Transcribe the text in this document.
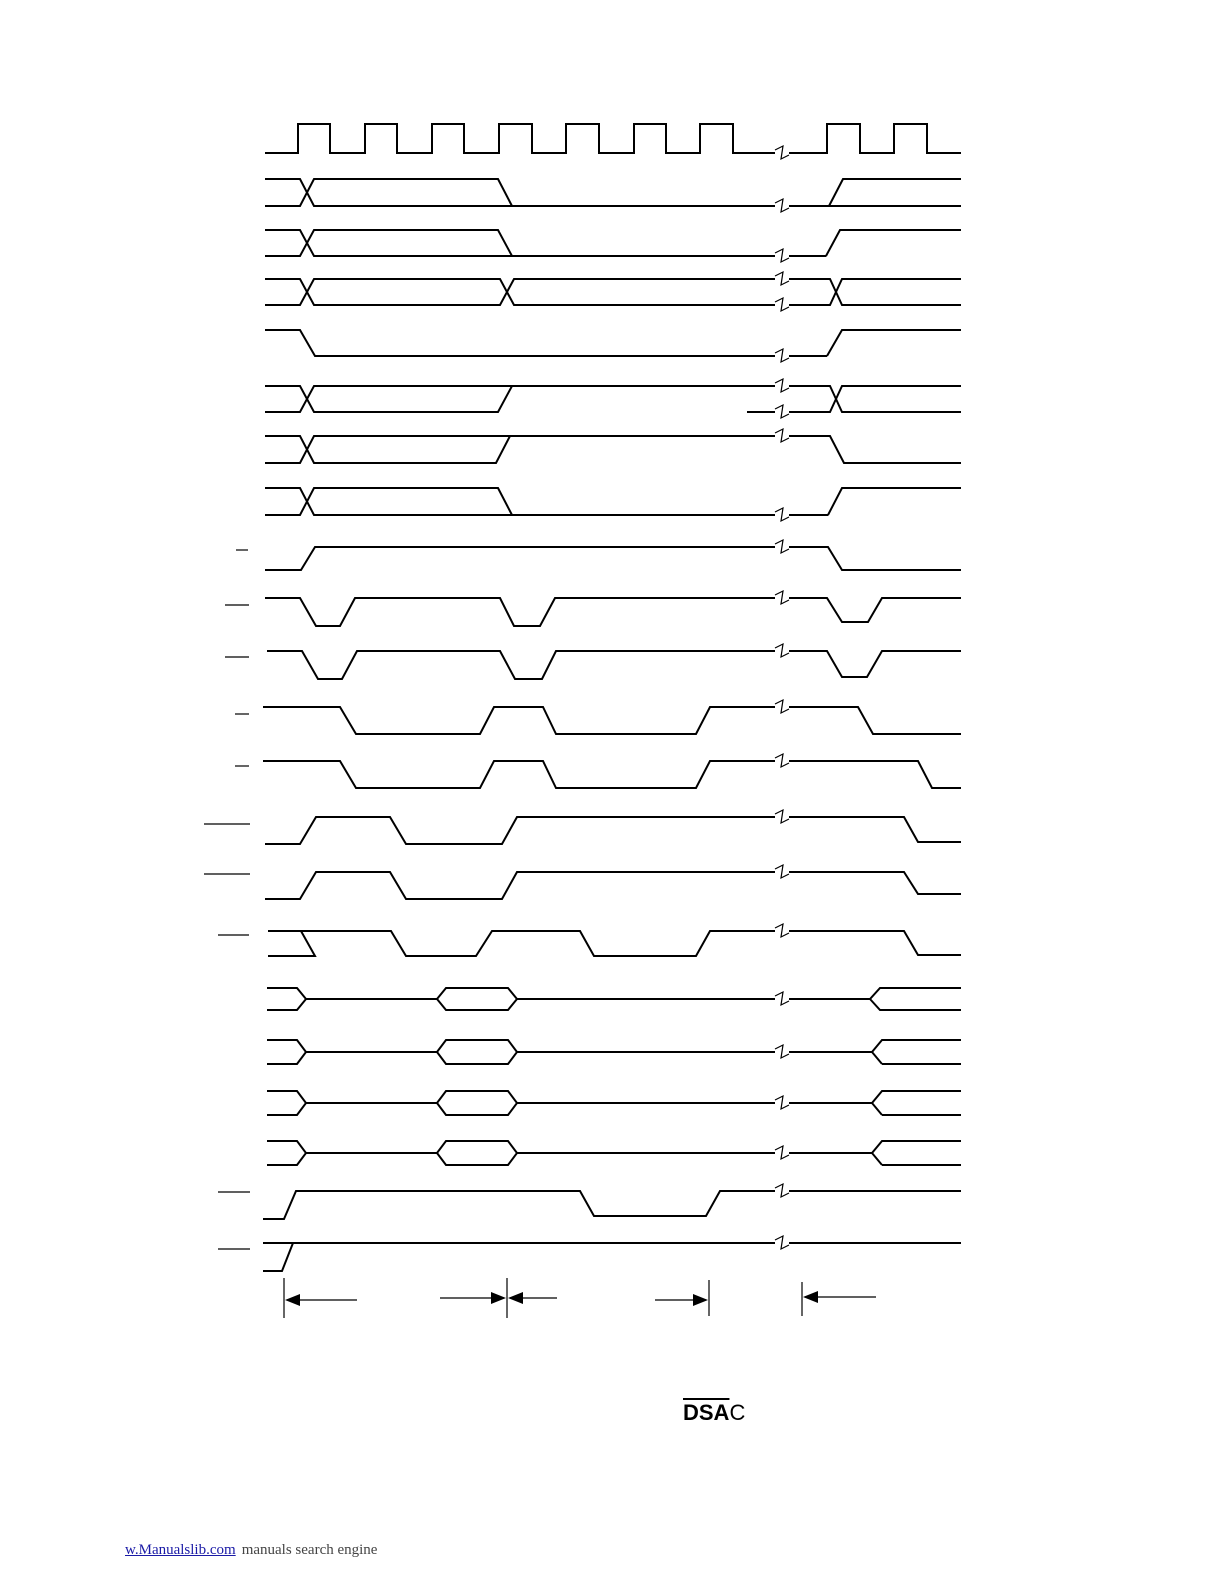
$\overline{DSA}C$
w.Manualslib.com manuals search engine
